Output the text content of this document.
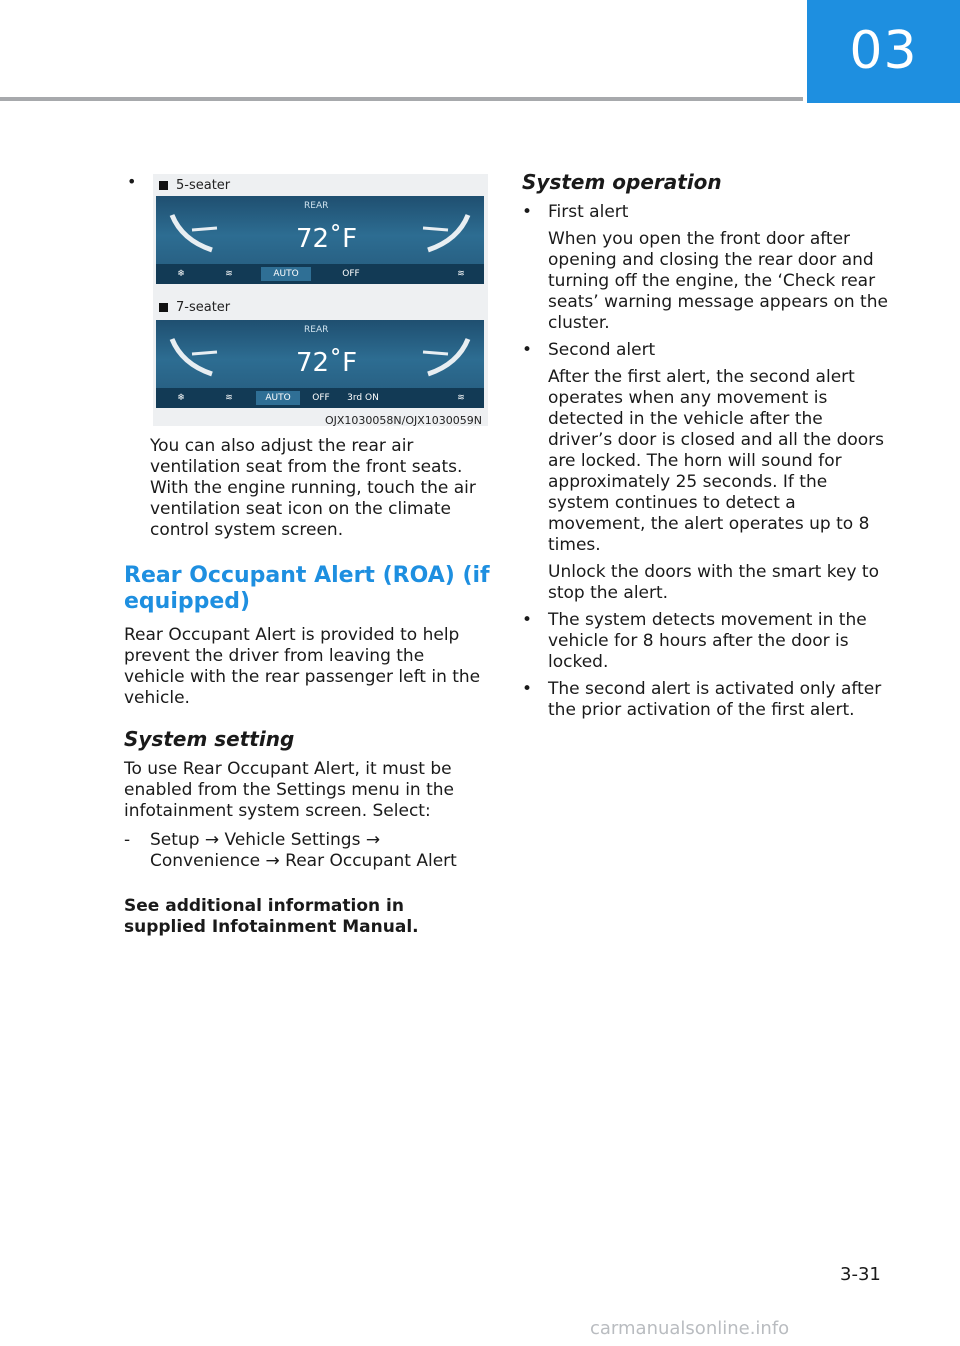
03
•	5-seater
REAR
72˚F
❄	≋	AUTO	OFF	≋
7-seater
REAR
72˚F
❄	≋	AUTO	OFF	3rd ON	≋
OJX1030058N/OJX1030059N

You can also adjust the rear air ventilation seat from the front seats. With the engine running, touch the air ventilation seat icon on the climate control system screen.

Rear Occupant Alert (ROA) (if equipped)

Rear Occupant Alert is provided to help prevent the driver from leaving the vehicle with the rear passenger left in the vehicle.

System setting

To use Rear Occupant Alert, it must be enabled from the Settings menu in the infotainment system screen. Select:

-	Setup → Vehicle Settings →
Convenience → Rear Occupant Alert

See additional information in supplied Infotainment Manual.

System operation

• First alert

When you open the front door after opening and closing the rear door and turning off the engine, the ‘Check rear seats’ warning message appears on the cluster.

• Second alert

After the first alert, the second alert operates when any movement is detected in the vehicle after the driver’s door is closed and all the doors are locked. The horn will sound for approximately 25 seconds. If the system continues to detect a movement, the alert operates up to 8 times.

Unlock the doors with the smart key to stop the alert.

• The system detects movement in the vehicle for 8 hours after the door is locked.
• The second alert is activated only after the prior activation of the first alert.
3-31
carmanualsonline.info
